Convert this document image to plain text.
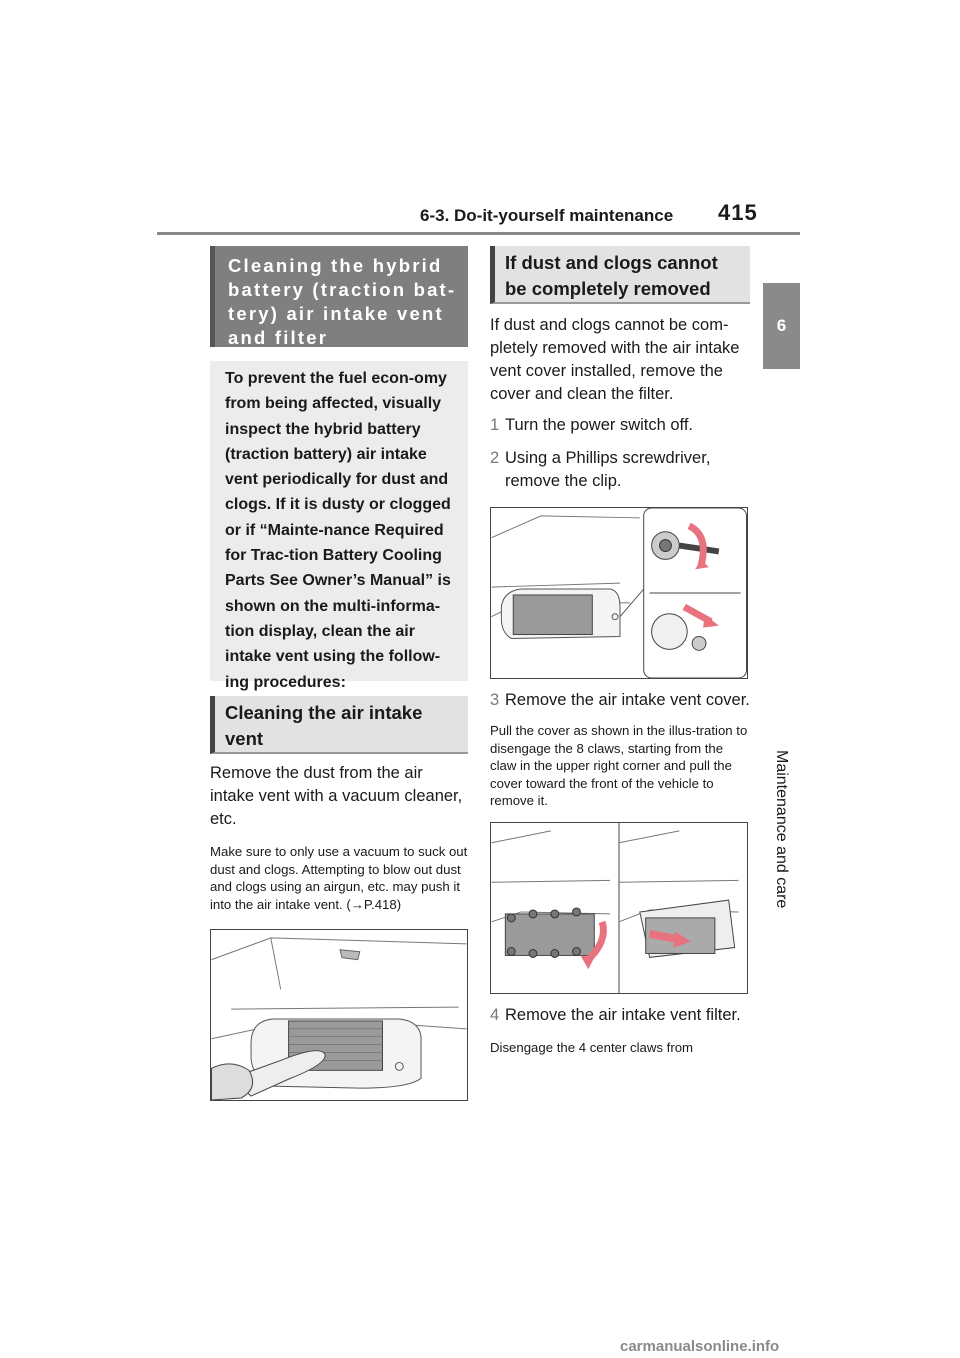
6-3. Do-it-yourself maintenance 415
6
Maintenance and care
Cleaning the hybrid battery (traction bat-tery) air intake vent and filter
To prevent the fuel econ-omy from being affected, visually inspect the hybrid battery (traction battery) air intake vent periodically for dust and clogs. If it is dusty or clogged or if “Mainte-nance Required for Trac-tion Battery Cooling Parts See Owner’s Manual” is shown on the multi-informa-tion display, clean the air intake vent using the follow-ing procedures:
Cleaning the air intake vent
Remove the dust from the air intake vent with a vacuum cleaner, etc.
Make sure to only use a vacuum to suck out dust and clogs. Attempting to blow out dust and clogs using an airgun, etc. may push it into the air intake vent. (→P.418)
If dust and clogs cannot be completely removed
If dust and clogs cannot be com-pletely removed with the air intake vent cover installed, remove the cover and clean the filter.
1 Turn the power switch off.
2 Using a Phillips screwdriver, remove the clip.
3 Remove the air intake vent cover.
Pull the cover as shown in the illus-tration to disengage the 8 claws, starting from the claw in the upper right corner and pull the cover toward the front of the vehicle to remove it.
4 Remove the air intake vent filter.
Disengage the 4 center claws from
carmanualsonline.info
